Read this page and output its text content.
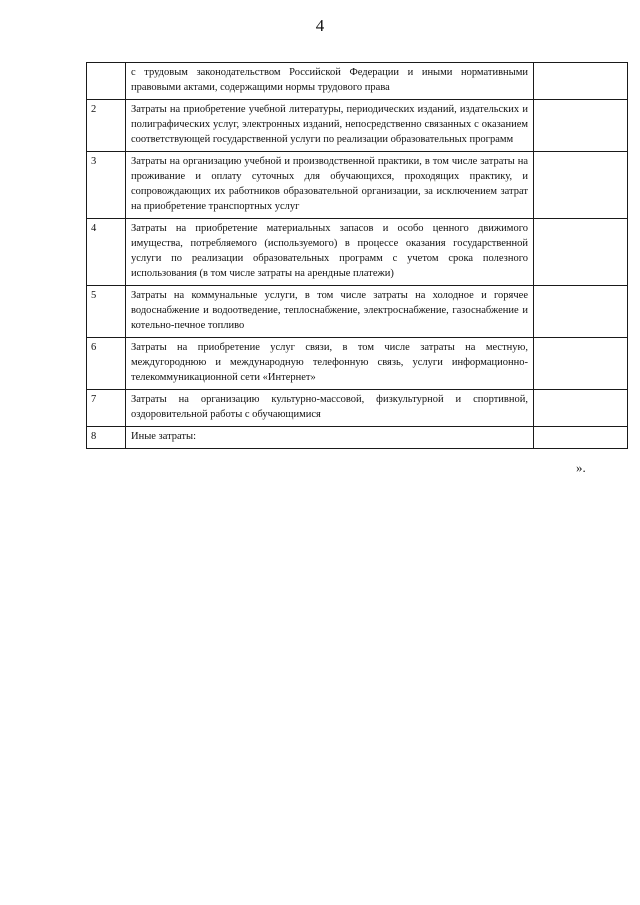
4
	с трудовым законодательством Российской Федерации и иными нормативными правовыми актами, содержащими нормы трудового права	
2	Затраты на приобретение учебной литературы, периодических изданий, издательских и полиграфических услуг, электронных изданий, непосредственно связанных с оказанием соответствующей государственной услуги по реализации образовательных программ	
3	Затраты на организацию учебной и производственной практики, в том числе затраты на проживание и оплату суточных для обучающихся, проходящих практику, и сопровождающих их работников образовательной организации, за исключением затрат на приобретение транспортных услуг	
4	Затраты на приобретение материальных запасов и особо ценного движимого имущества, потребляемого (используемого) в процессе оказания государственной услуги по реализации образовательных программ с учетом срока полезного использования (в том числе затраты на арендные платежи)	
5	Затраты на коммунальные услуги, в том числе затраты на холодное и горячее водоснабжение и водоотведение, теплоснабжение, электроснабжение, газоснабжение и котельно-печное топливо	
6	Затраты на приобретение услуг связи, в том числе затраты на местную, междугороднюю и международную телефонную связь, услуги информационно-телекоммуникационной сети «Интернет»	
7	Затраты на организацию культурно-массовой, физкультурной и спортивной, оздоровительной работы с обучающимися	
8	Иные затраты:	
».
